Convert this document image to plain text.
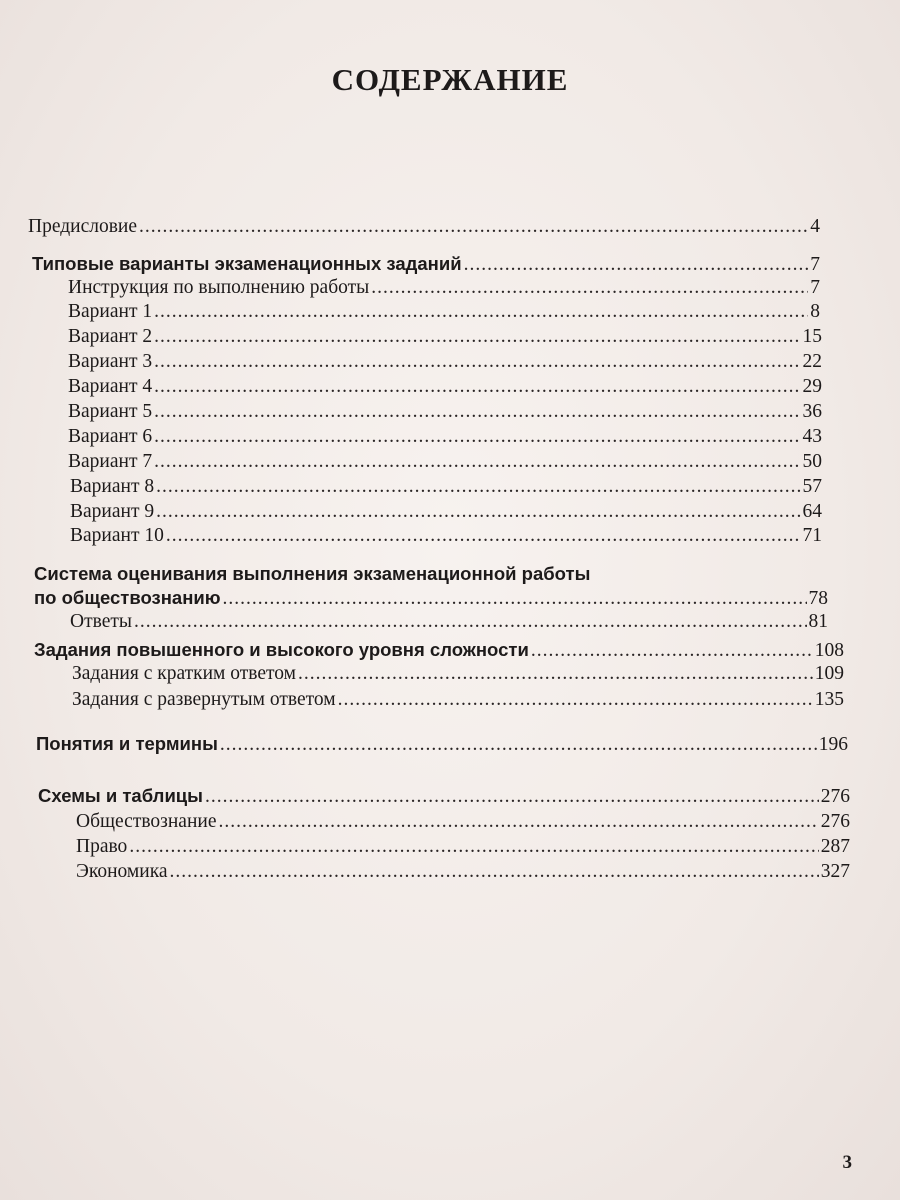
СОДЕРЖАНИЕ
Предисловие .....	4
Типовые варианты экзаменационных заданий .....	7
Инструкция по выполнению работы .....	7
Вариант 1 .....	8
Вариант 2 .....	15
Вариант 3 .....	22
Вариант 4 .....	29
Вариант 5 .....	36
Вариант 6 .....	43
Вариант 7 .....	50
Вариант 8 .....	57
Вариант 9 .....	64
Вариант 10 .....	71
Система оценивания выполнения экзаменационной работы
по обществознанию .....	78
Ответы .....	81
Задания повышенного и высокого уровня сложности .....	108
Задания с кратким ответом .....	109
Задания с развернутым ответом .....	135
Понятия и термины .....	196
Схемы и таблицы .....	276
Обществознание .....	276
Право .....	287
Экономика .....	327
3
